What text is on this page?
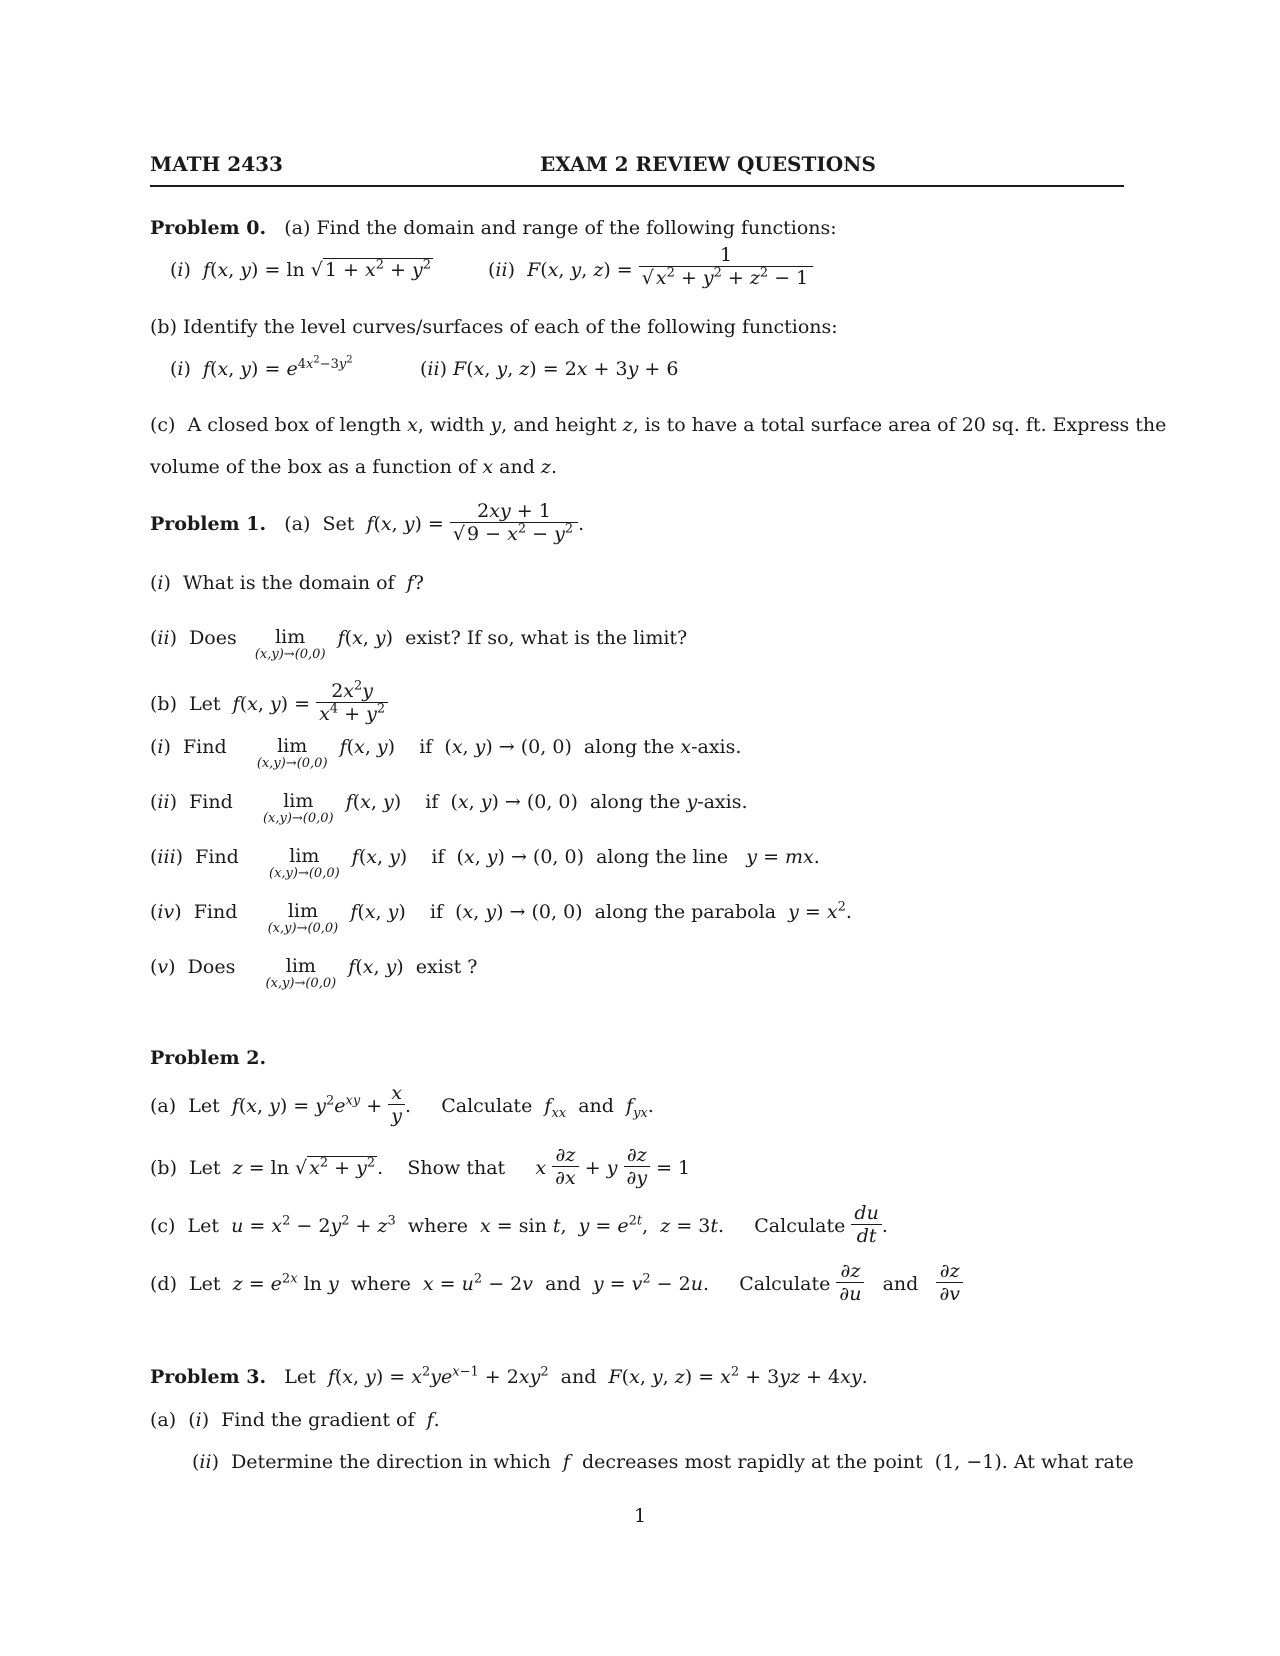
MATH 2433	EXAM 2 REVIEW QUESTIONS
Problem 0. (a) Find the domain and range of the following functions:
(i)  f(x, y) = ln √ $1 + x^2 + y^2$	(ii)  F(x, y, $z) = \frac{1}{√ x^2 + y^2 + z^2 - 1}$
(b) Identify the level curves/surfaces of each of the following functions:
(i)  f(x, $y) = e^{4x^2-3y^2}$	(ii) F(x, y, z) = 2x + 3y + 6
(c)  A closed box of length x, width y, and height z, is to have a total surface area of 20 sq. ft. Express the
volume of the box as a function of x and z.
Problem 1.   (a)  Set  f(x, $y) = \frac{2xy + 1}{√ 9 - x^2 - y^2}$ .
(i)  What is the domain of f?
(ii)  Does	lim
(x,y)→(0,0)
f(x, y)  exist? If so, what is the limit?
(b)  Let  f(x, $y) = \frac{2x^2y}{x^4 + y^2}$
(i)  Find	lim
(x,y)→(0,0)
f(x, y)    if  (x, y) → (0, 0)  along the x-axis.
(ii)  Find	lim
(x,y)→(0,0)
f(x, y)    if  (x, y) → (0, 0)  along the y-axis.
(iii)  Find	lim
(x,y)→(0,0)
f(x, y)    if  (x, y) → (0, 0)  along the line y = mx.
(iv)  Find	lim
(x,y)→(0,0)
f(x, y)    if  (x, y) → (0, 0)  along the parabola $y = x^2$.
(v)  Does	lim
(x,y)→(0,0)
f(x, y)  exist ?
Problem 2.
(a)  Let  f(x, $y) = y^2e^{xy} + \frac{x}{y}$ .     Calculate $f_{xx}$  and  $f_{yx}$.
(b)  Let  z = ln √ $x^2 + y^2$ .    Show that x $\frac{\partial z}{\partial x} + y \frac{\partial z}{\partial y} = 1$
(c)  Let  $u = x^2 - 2y^2 + z^3$ where x = sin t,  $y = e^{2t}$,  z = 3t.     Calculate $\frac{du}{dt}$ .
(d)  Let  $z = e^{2x}$ ln y  where  $x = u^2 - 2v$  and  $y = v^2 - 2u$.     Calculate $\frac{\partial z}{\partial u}$ and $\frac{\partial z}{\partial v}$
Problem 3.   Let  f(x, $y) = x^2ye^{x-1} + 2xy^2$  and  F(x, y, $z) = x^2 + 3yz + 4xy$.
(a)  (i)  Find the gradient of f.
(ii)  Determine the direction in which f decreases most rapidly at the point  (1, −1). At what rate
1
